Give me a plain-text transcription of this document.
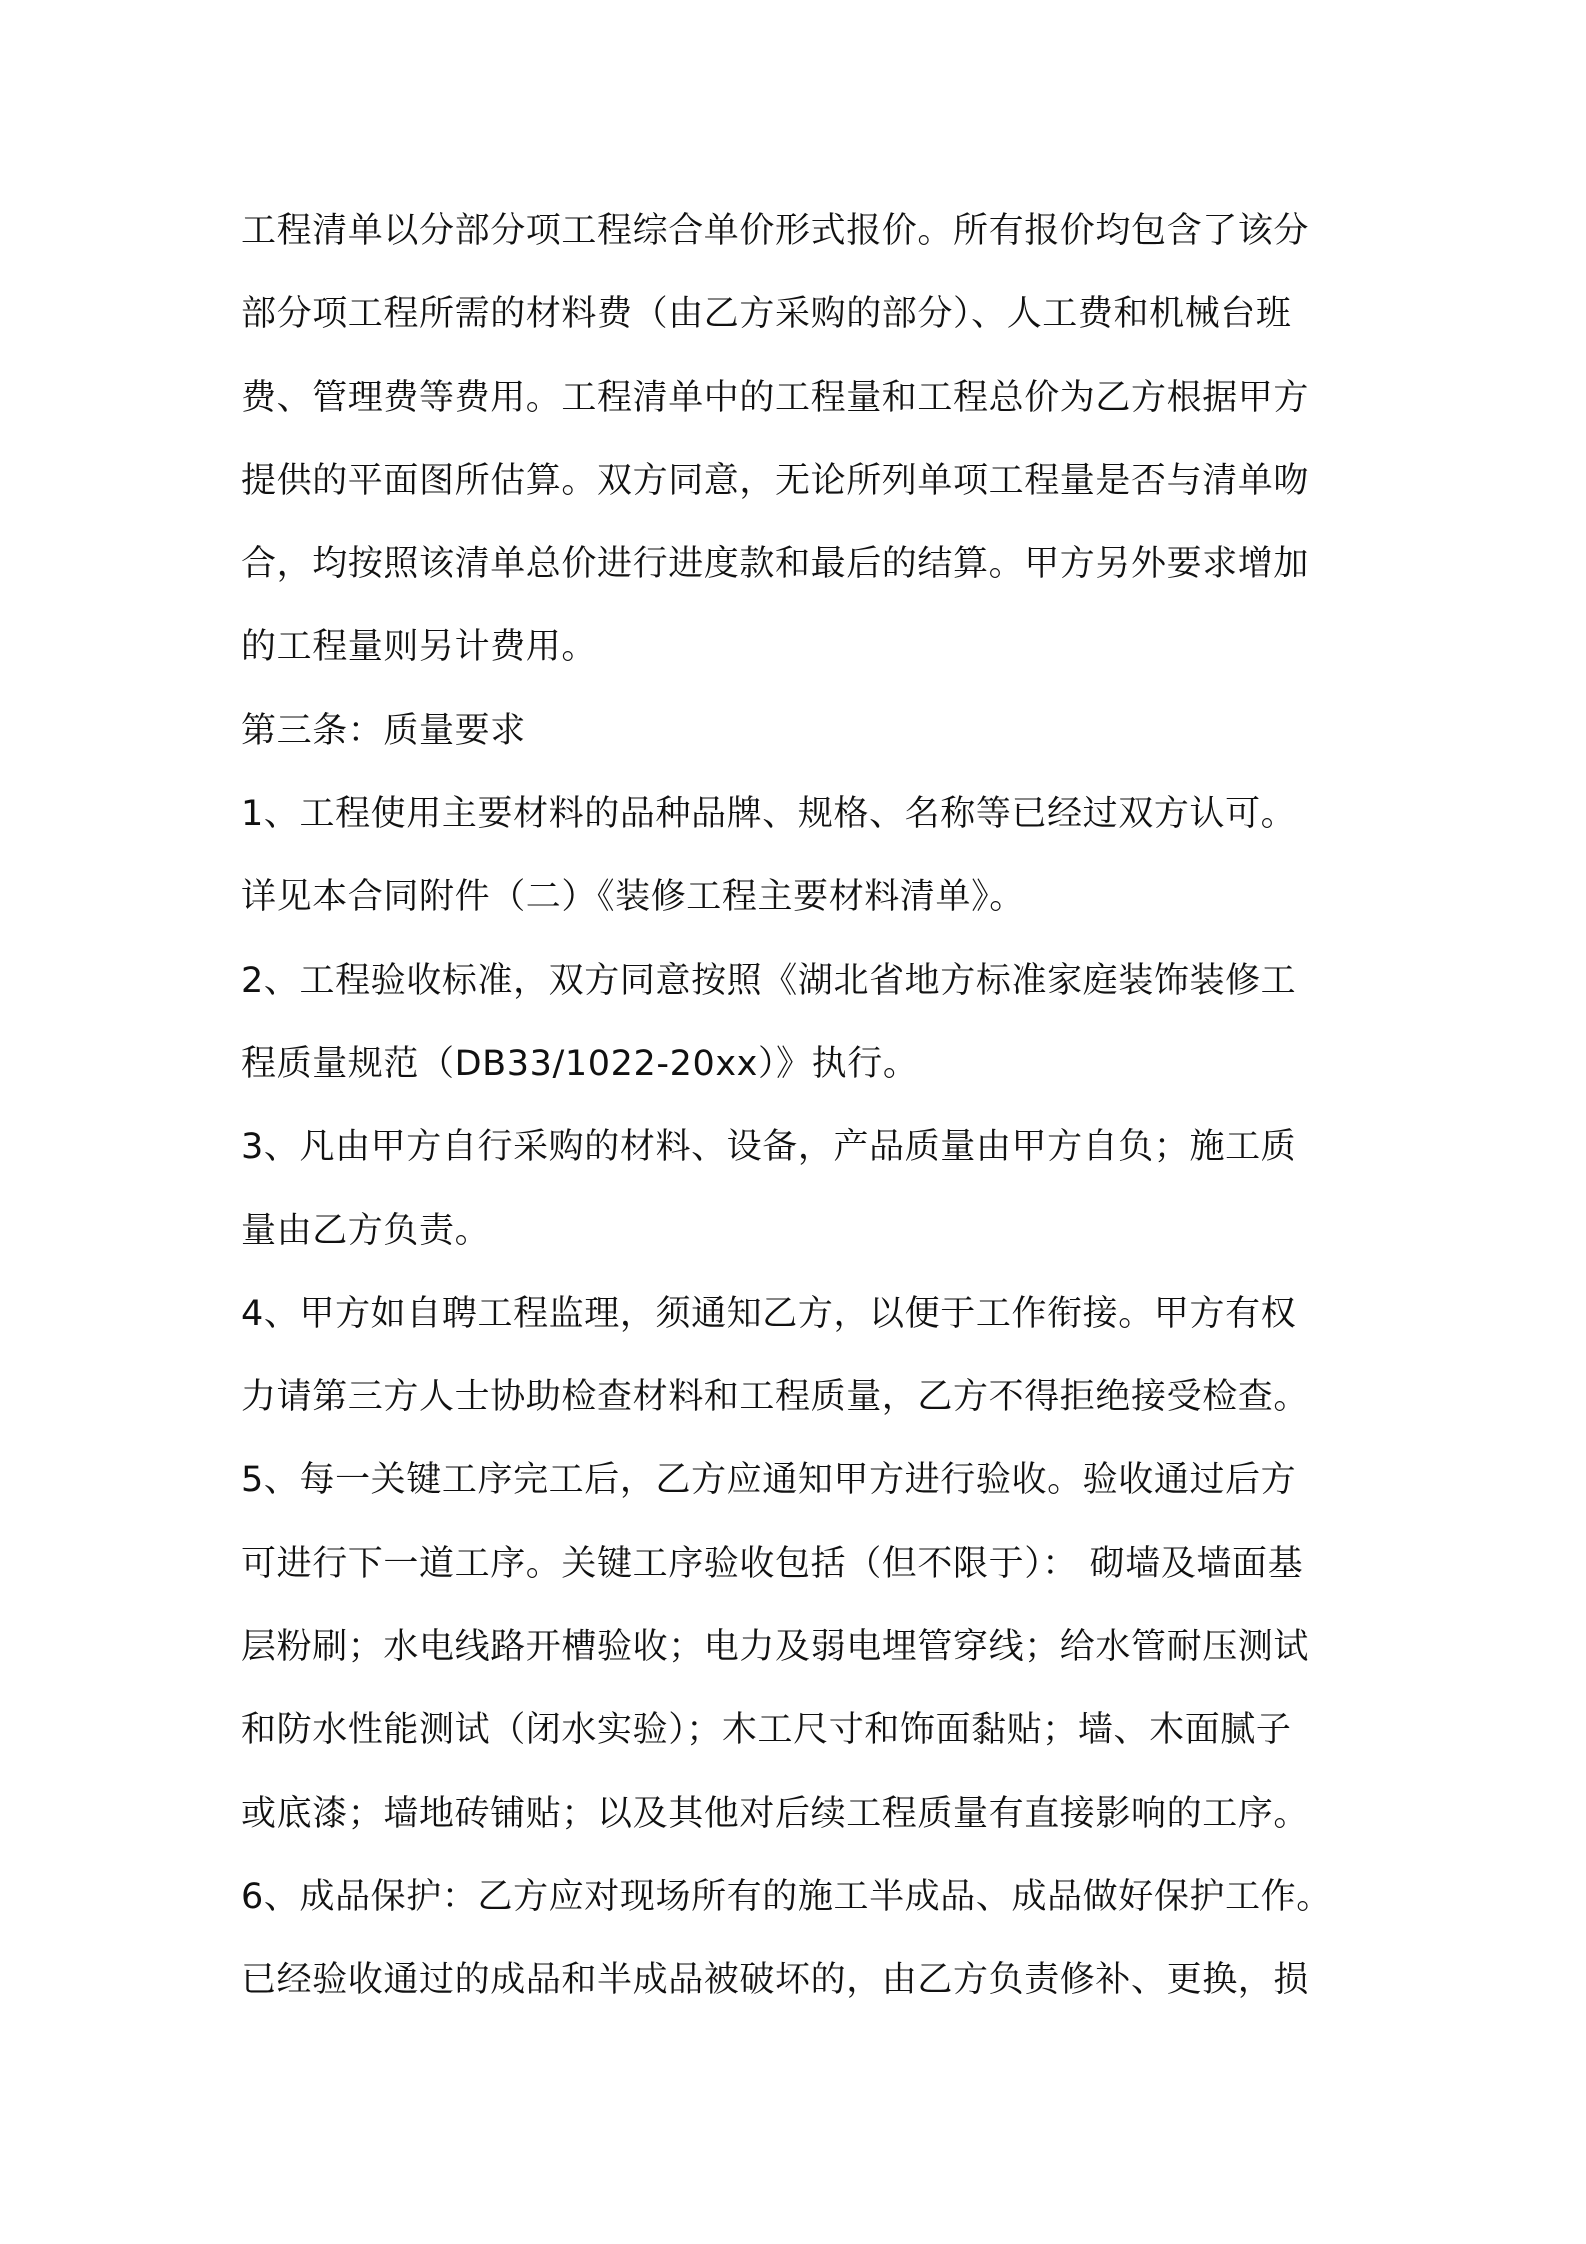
工程清单以分部分项工程综合单价形式报价。所有报价均包含了该分
部分项工程所需的材料费（由乙方采购的部分）、人工费和机械台班
费、管理费等费用。工程清单中的工程量和工程总价为乙方根据甲方
提供的平面图所估算。双方同意，无论所列单项工程量是否与清单吻
合，均按照该清单总价进行进度款和最后的结算。甲方另外要求增加
的工程量则另计费用。
第三条：质量要求
1、工程使用主要材料的品种品牌、规格、名称等已经过双方认可。
详见本合同附件（二）《装修工程主要材料清单》。
2、工程验收标准，双方同意按照《湖北省地方标准家庭装饰装修工
程质量规范（DB33/1022-20xx）》执行。
3、凡由甲方自行采购的材料、设备，产品质量由甲方自负；施工质
量由乙方负责。
4、甲方如自聘工程监理，须通知乙方，以便于工作衔接。甲方有权
力请第三方人士协助检查材料和工程质量，乙方不得拒绝接受检查。
5、每一关键工序完工后，乙方应通知甲方进行验收。验收通过后方
可进行下一道工序。关键工序验收包括（但不限于）： 砌墙及墙面基
层粉刷；水电线路开槽验收；电力及弱电埋管穿线；给水管耐压测试
和防水性能测试（闭水实验）；木工尺寸和饰面黏贴；墙、木面腻子
或底漆；墙地砖铺贴；以及其他对后续工程质量有直接影响的工序。
6、成品保护：乙方应对现场所有的施工半成品、成品做好保护工作。
已经验收通过的成品和半成品被破坏的，由乙方负责修补、更换，损
